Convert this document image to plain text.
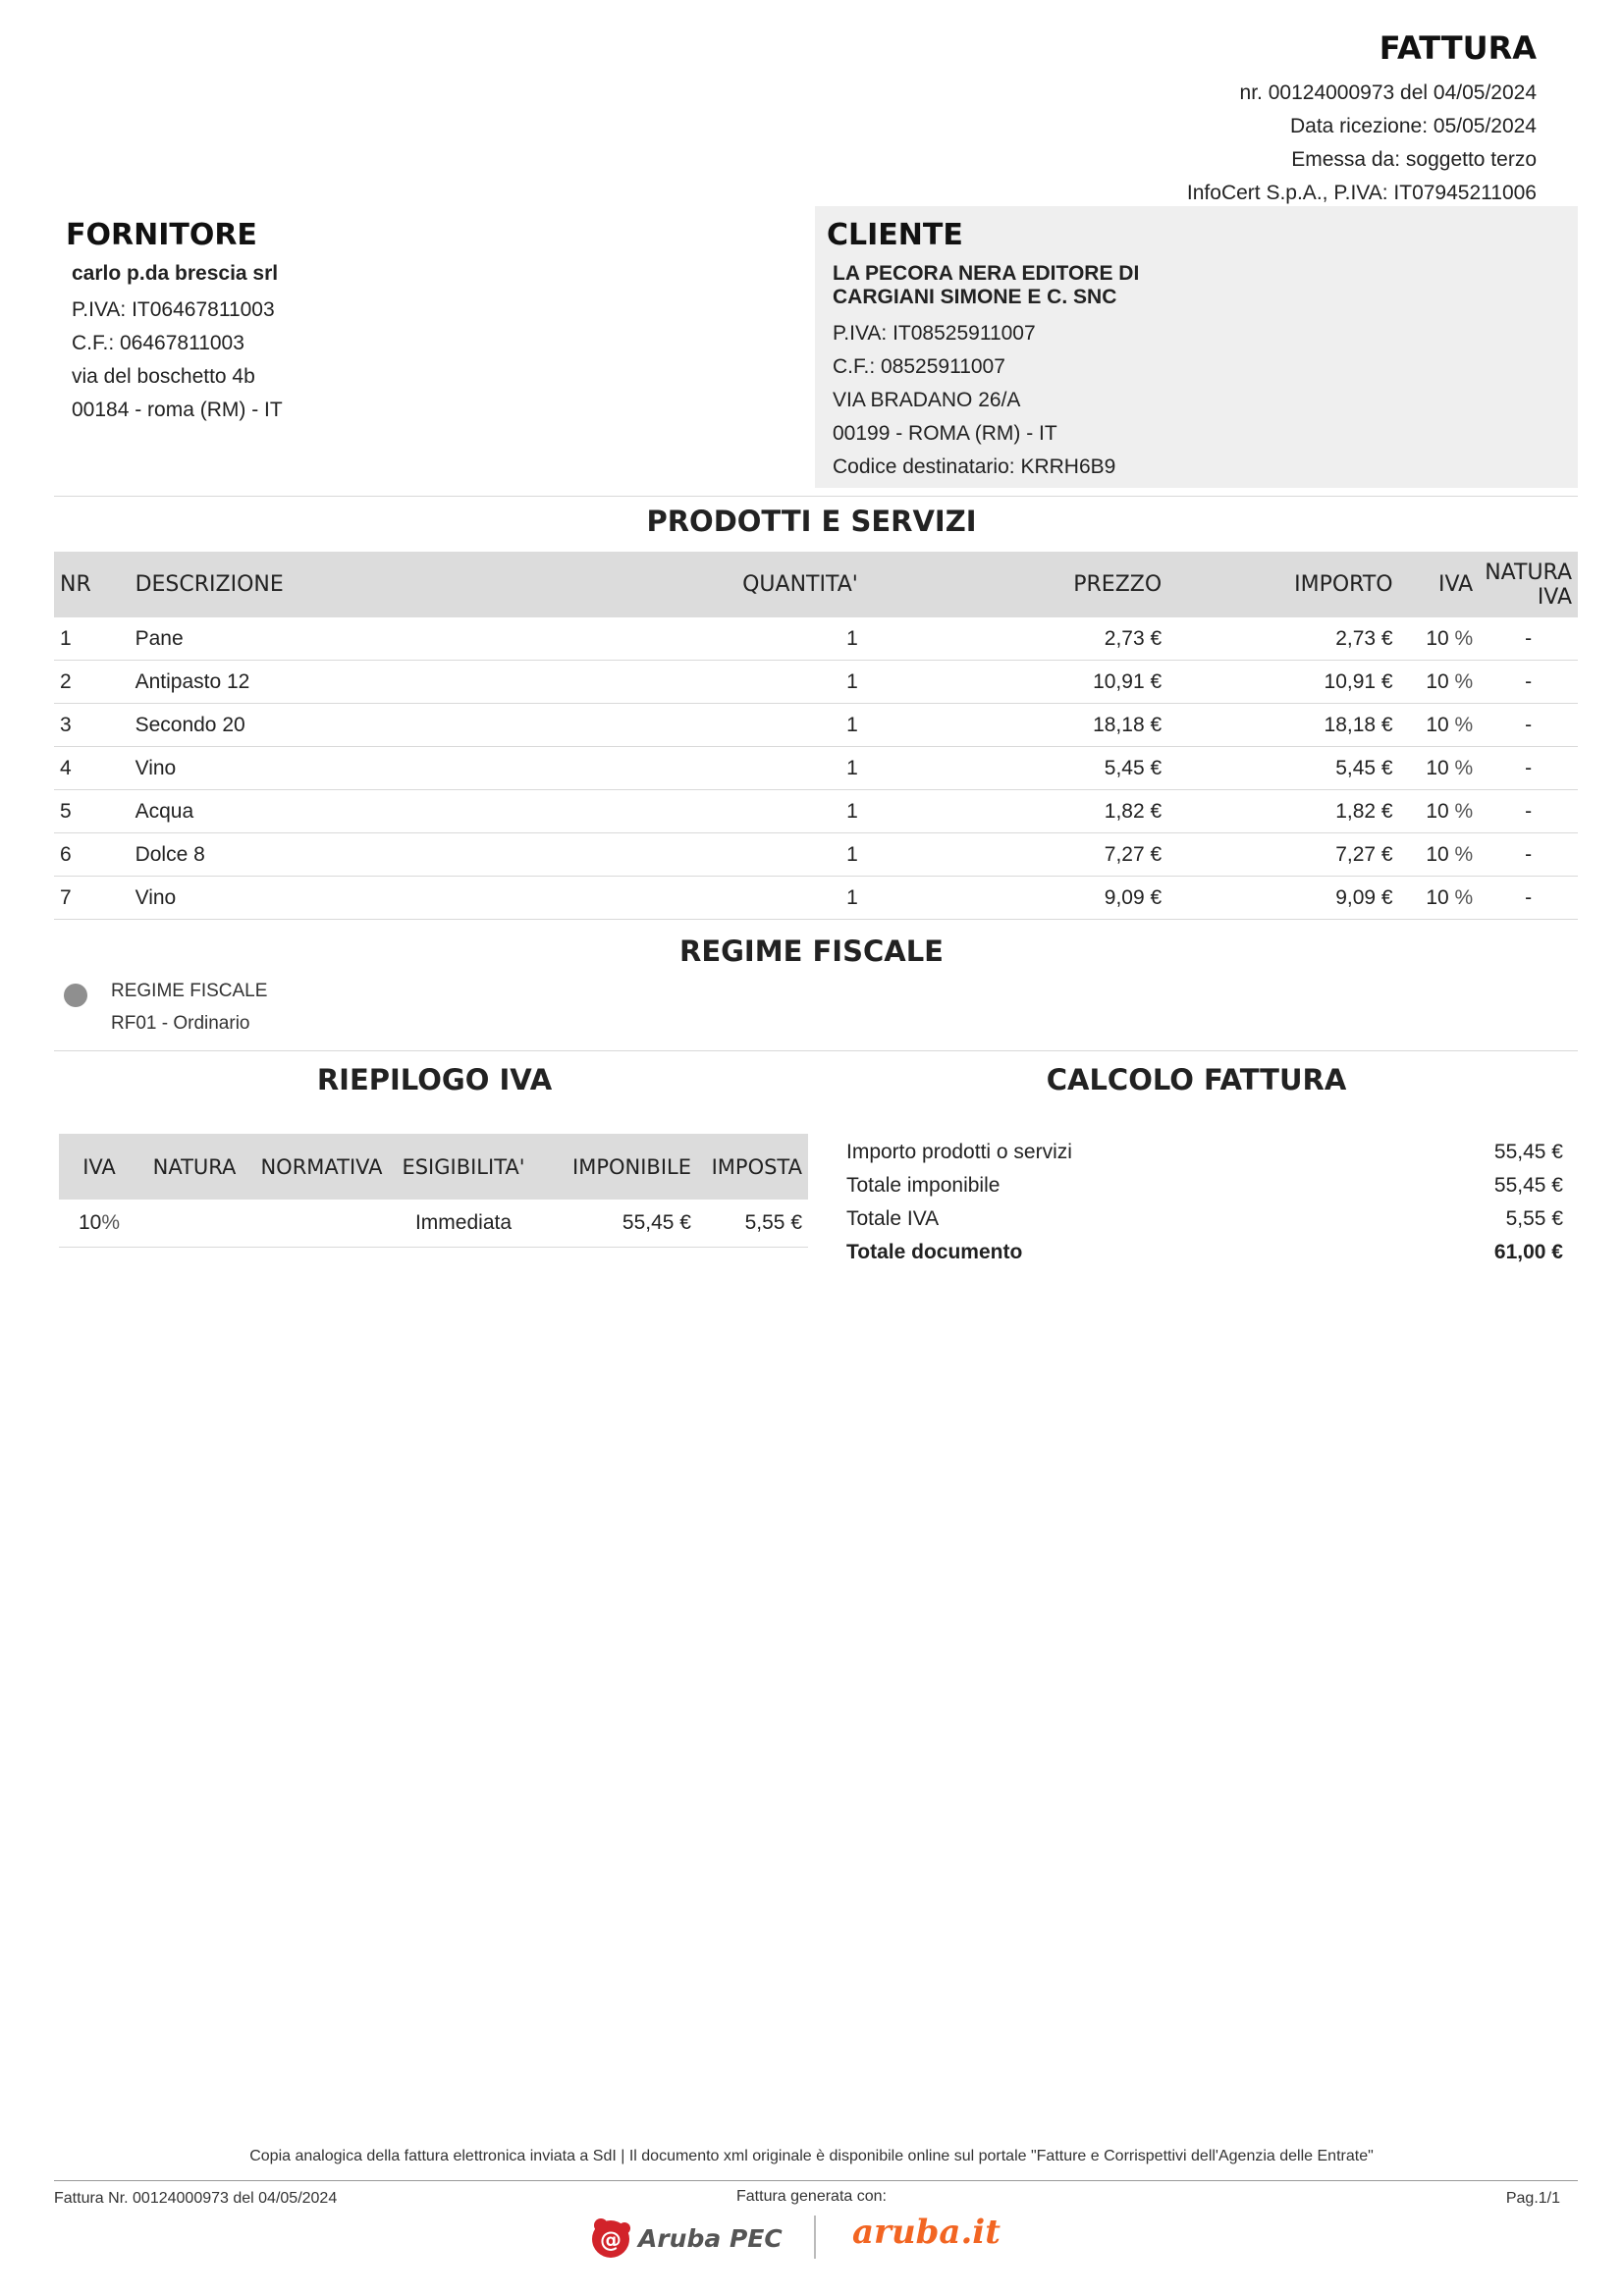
FATTURA
nr. 00124000973 del 04/05/2024
Data ricezione: 05/05/2024
Emessa da: soggetto terzo
InfoCert S.p.A., P.IVA: IT07945211006
FORNITORE
carlo p.da brescia srl
P.IVA: IT06467811003
C.F.: 06467811003
via del boschetto 4b
00184 - roma (RM) - IT
CLIENTE
LA PECORA NERA EDITORE DI
CARGIANI SIMONE E C. SNC
P.IVA: IT08525911007
C.F.: 08525911007
VIA BRADANO 26/A
00199 - ROMA (RM) - IT
Codice destinatario: KRRH6B9
PRODOTTI E SERVIZI
NR	DESCRIZIONE	QUANTITA'	PREZZO	IMPORTO	IVA	NATURA IVA
1	Pane	1	2,73 €	2,73 €	10 %	-
2	Antipasto 12	1	10,91 €	10,91 €	10 %	-
3	Secondo 20	1	18,18 €	18,18 €	10 %	-
4	Vino	1	5,45 €	5,45 €	10 %	-
5	Acqua	1	1,82 €	1,82 €	10 %	-
6	Dolce 8	1	7,27 €	7,27 €	10 %	-
7	Vino	1	9,09 €	9,09 €	10 %	-
REGIME FISCALE
REGIME FISCALE
RF01 - Ordinario
RIEPILOGO IVA
IVA	NATURA	NORMATIVA	ESIGIBILITA'	IMPONIBILE	IMPOSTA
10%			Immediata	55,45 €	5,55 €
CALCOLO FATTURA
Importo prodotti o servizi	55,45 €
Totale imponibile	55,45 €
Totale IVA	5,55 €
Totale documento	61,00 €
Copia analogica della fattura elettronica inviata a SdI | Il documento xml originale è disponibile online sul portale "Fatture e Corrispettivi dell'Agenzia delle Entrate"
Fattura Nr. 00124000973 del 04/05/2024	Fattura generata con:	Pag.1/1
@ Aruba PEC aruba.it
